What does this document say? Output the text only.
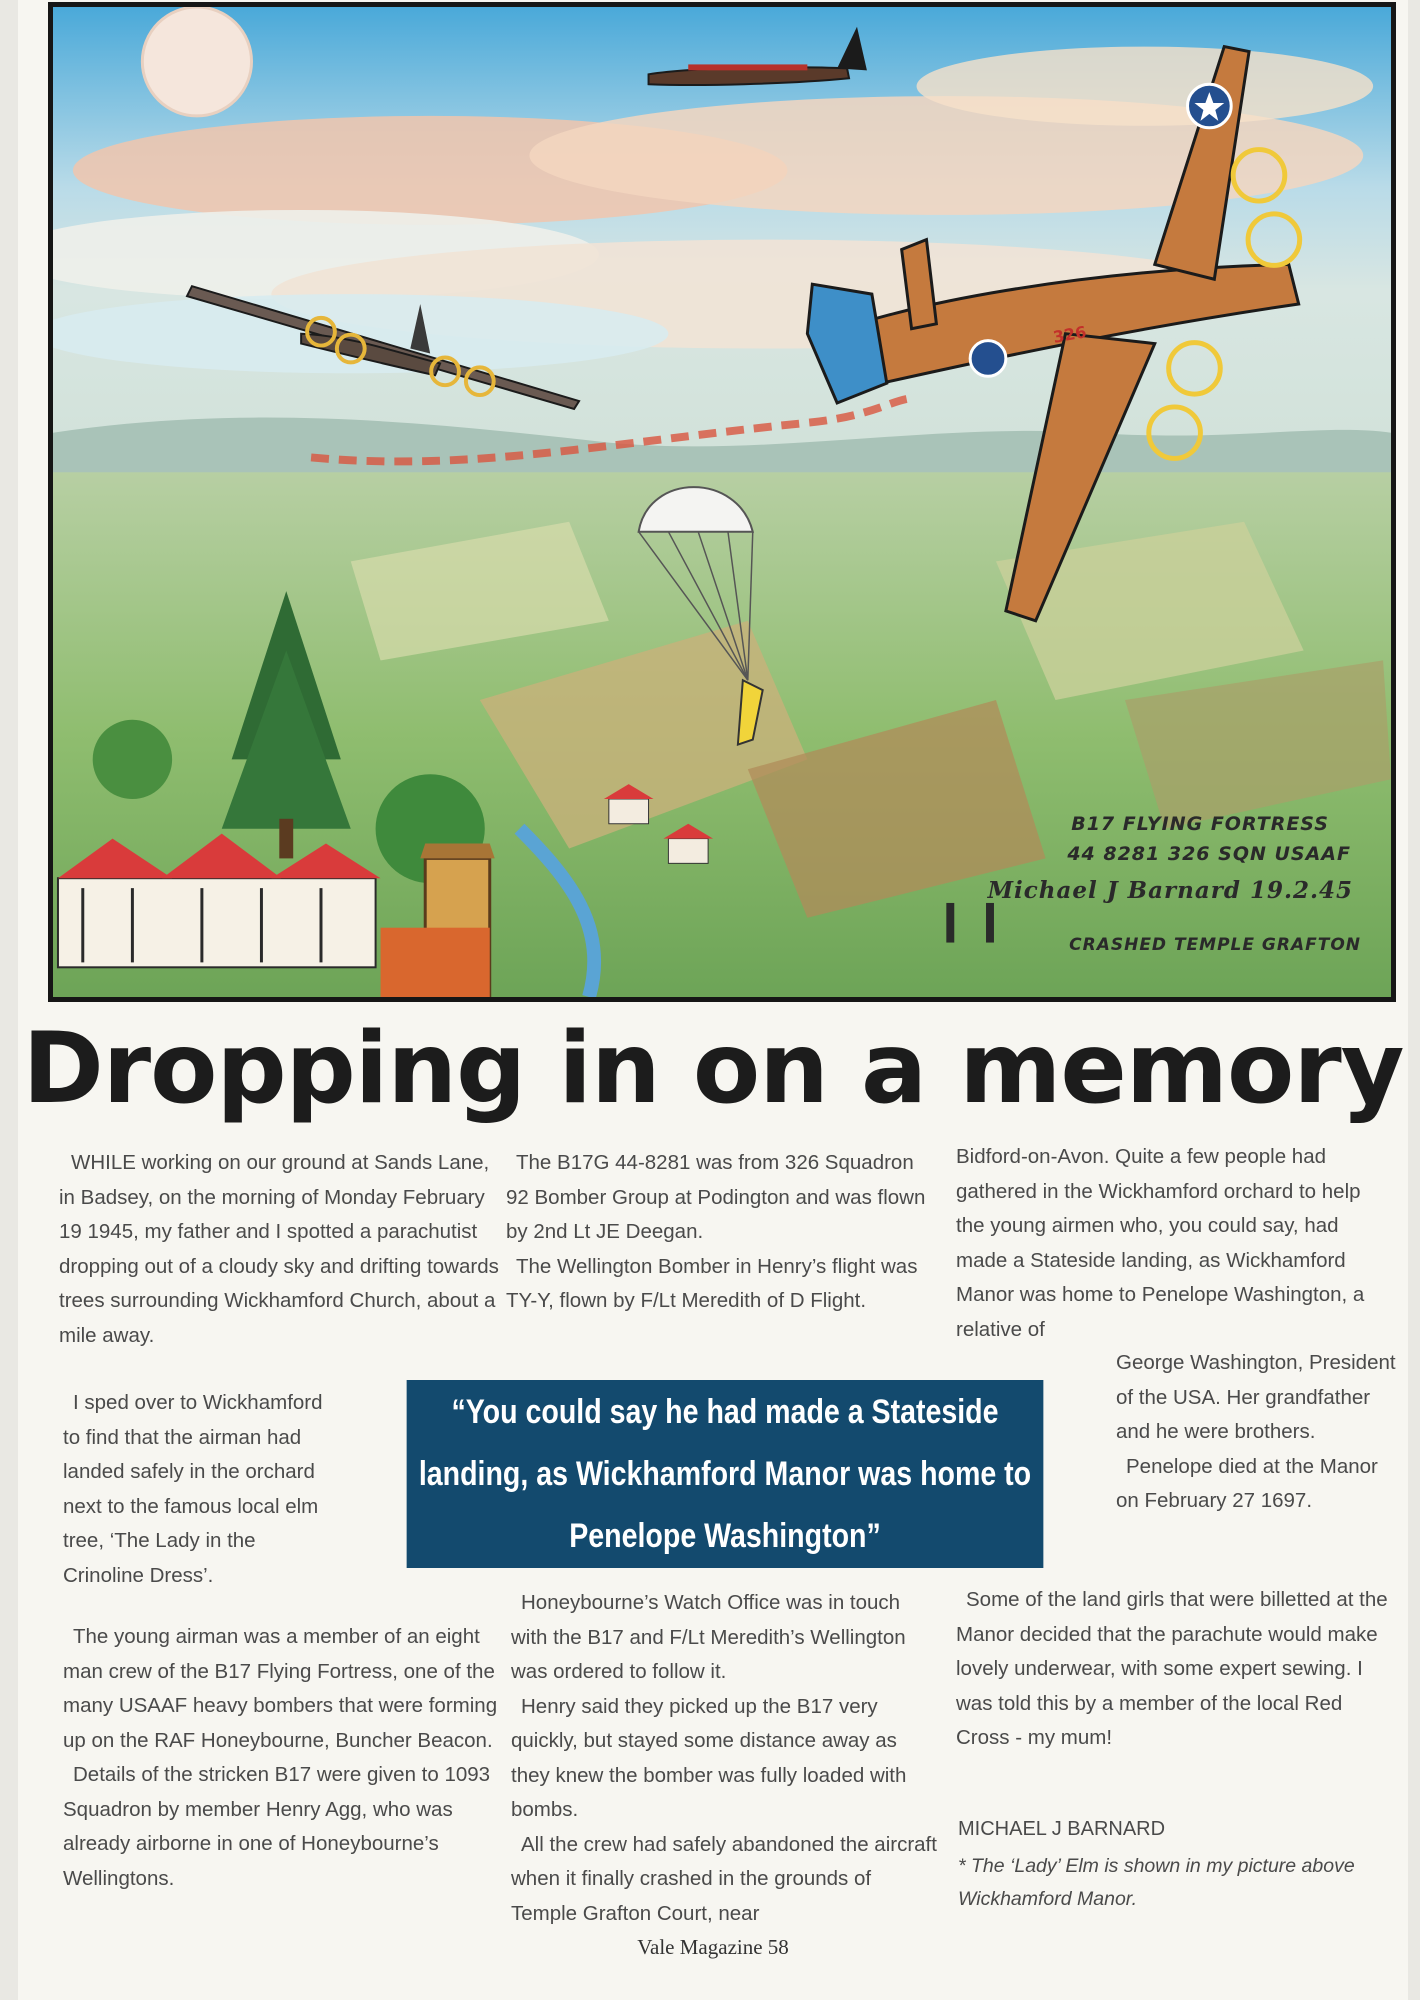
B17 FLYING FORTRESS
44 8281 326 SQN USAAF
Michael J Barnard 19.2.45
CRASHED TEMPLE GRAFTON
326
Dropping in on a memory

WHILE working on our ground at Sands Lane, in Badsey, on the morning of Monday February 19 1945, my father and I spotted a parachutist dropping out of a cloudy sky and drifting towards trees surrounding Wickhamford Church, about a mile away.

I sped over to Wickhamford to find that the airman had landed safely in the orchard next to the famous local elm tree, ‘The Lady in the Crinoline Dress’.

The young airman was a member of an eight man crew of the B17 Flying Fortress, one of the many USAAF heavy bombers that were forming up on the RAF Honeybourne, Buncher Beacon.

Details of the stricken B17 were given to 1093 Squadron by member Henry Agg, who was already airborne in one of Honeybourne’s Wellingtons.

The B17G 44-8281 was from 326 Squadron 92 Bomber Group at Podington and was flown by 2nd Lt JE Deegan.

The Wellington Bomber in Henry’s flight was TY-Y, flown by F/Lt Meredith of D Flight.

Honeybourne’s Watch Office was in touch with the B17 and F/Lt Meredith’s Wellington was ordered to follow it.

Henry said they picked up the B17 very quickly, but stayed some distance away as they knew the bomber was fully loaded with bombs.

All the crew had safely abandoned the aircraft when it finally crashed in the grounds of Temple Grafton Court, near

Bidford-on-Avon. Quite a few people had gathered in the Wickhamford orchard to help the young airmen who, you could say, had made a Stateside landing, as Wickhamford Manor was home to Penelope Washington, a relative of

George Washington, President of the USA. Her grandfather and he were brothers.

Penelope died at the Manor on February 27 1697.

Some of the land girls that were billetted at the Manor decided that the parachute would make lovely underwear, with some expert sewing. I was told this by a member of the local Red Cross - my mum!

MICHAEL J BARNARD
* The ‘Lady’ Elm is shown in my picture above Wickhamford Manor.
“You could say he had made a Stateside landing, as Wickhamford Manor was home to Penelope Washington”
Vale Magazine 58
